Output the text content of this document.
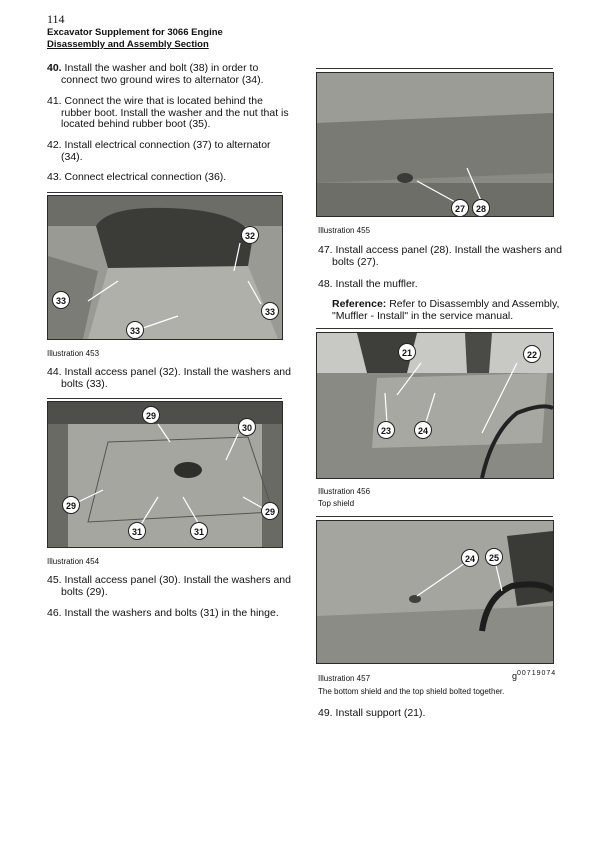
114
Excavator Supplement for 3066 Engine
Disassembly and Assembly Section
40. Install the washer and bolt (38) in order to connect two ground wires to alternator (34).
41. Connect the wire that is located behind the rubber boot. Install the washer and the nut that is located behind rubber boot (35).
42. Install electrical connection (37) to alternator (34).
43. Connect electrical connection (36).
32
33
33
33
Illustration 453
44. Install access panel (32). Install the washers and bolts (33).
29
30
29
29
31	31
Illustration 454
45. Install access panel (30). Install the washers and bolts (29).
46. Install the washers and bolts (31) in the hinge.
27	28
Illustration 455
47. Install access panel (28). Install the washers and bolts (27).
48. Install the muffler.
Reference: Refer to Disassembly and Assembly, "Muffler - Install" in the service manual.
21	22
23	24
Illustration 456
Top shield
24	25
Illustration 457	$g^{00719074}$
The bottom shield and the top shield bolted together.
49. Install support (21).
